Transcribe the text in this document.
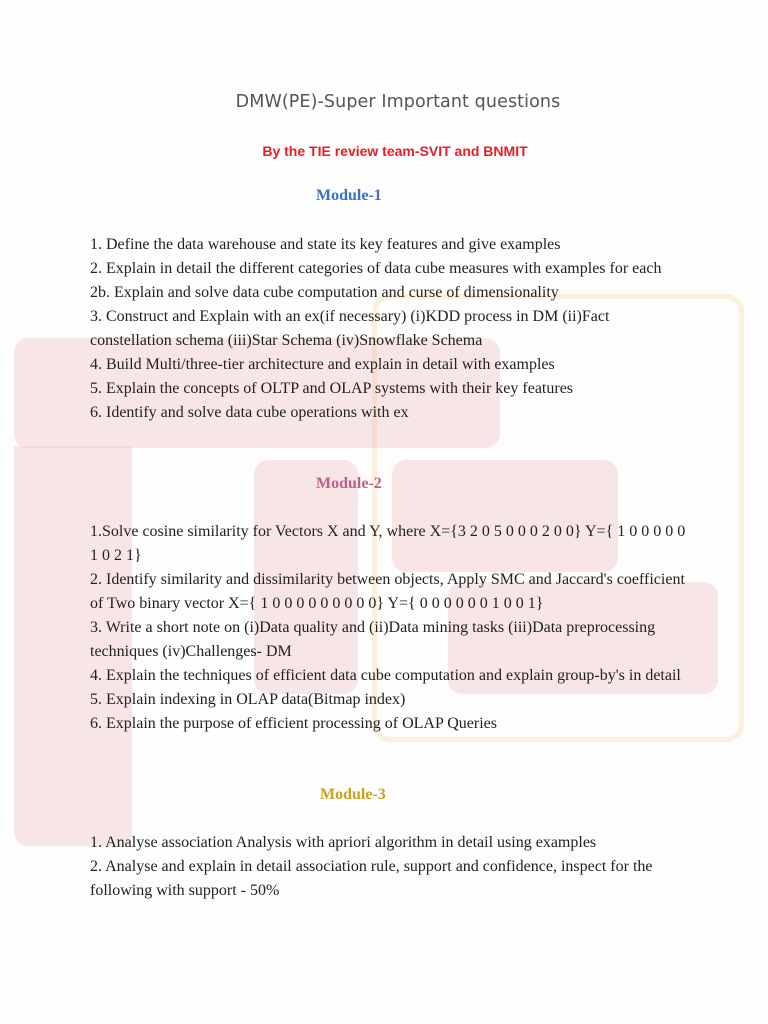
DMW(PE)-Super Important questions
By the TIE review team-SVIT and BNMIT
Module-1
1. Define the data warehouse and state its key features and give examples
2. Explain in detail the different categories of data cube measures with examples for each
2b. Explain and solve data cube computation and curse of dimensionality
3. Construct and Explain with an ex(if necessary) (i)KDD process in DM (ii)Fact constellation schema (iii)Star Schema (iv)Snowflake Schema
4. Build Multi/three-tier architecture and explain in detail with examples
5. Explain the concepts of OLTP and OLAP systems with their key features
6. Identify and solve data cube operations with ex
Module-2
1.Solve cosine similarity for Vectors X and Y, where X={3 2 0 5 0 0 0 2 0 0} Y={ 1 0 0 0 0 0 1 0 2 1}
2. Identify similarity and dissimilarity between objects, Apply SMC and Jaccard's coefficient of Two binary vector X={ 1 0 0 0 0 0 0 0 0 0} Y={ 0 0 0 0 0 0 1 0 0 1}
3. Write a short note on (i)Data quality and (ii)Data mining tasks (iii)Data preprocessing techniques (iv)Challenges- DM
4. Explain the techniques of efficient data cube computation and explain group-by's in detail
5. Explain indexing in OLAP data(Bitmap index)
6. Explain the purpose of efficient processing of OLAP Queries
Module-3
1. Analyse association Analysis with apriori algorithm in detail using examples
2. Analyse and explain in detail association rule, support and confidence, inspect for the following with support - 50%
